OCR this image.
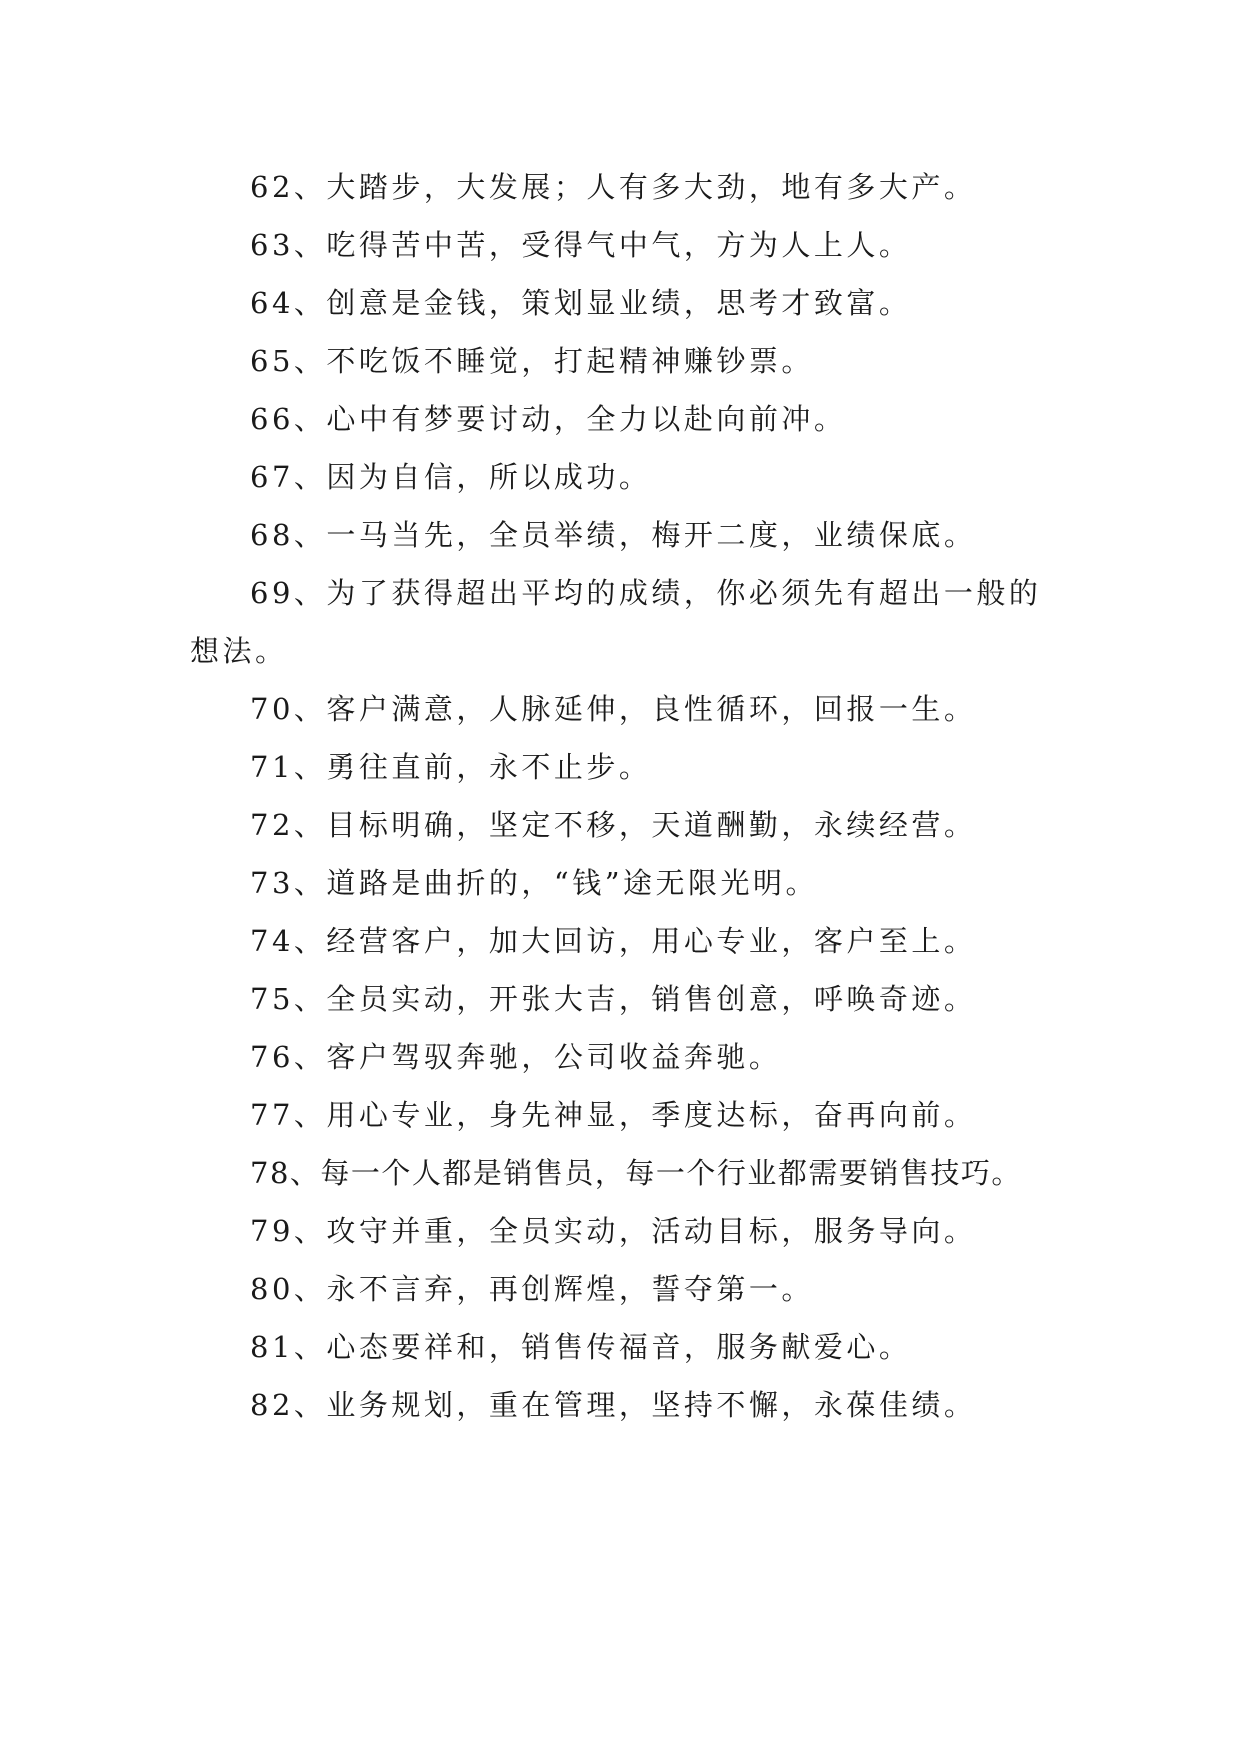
62、大踏步，大发展；人有多大劲，地有多大产。
63、吃得苦中苦，受得气中气，方为人上人。
64、创意是金钱，策划显业绩，思考才致富。
65、不吃饭不睡觉，打起精神赚钞票。
66、心中有梦要讨动，全力以赴向前冲。
67、因为自信，所以成功。
68、一马当先，全员举绩，梅开二度，业绩保底。
69、为了获得超出平均的成绩，你必须先有超出一般的
想法。
70、客户满意，人脉延伸，良性循环，回报一生。
71、勇往直前，永不止步。
72、目标明确，坚定不移，天道酬勤，永续经营。
73、道路是曲折的，“钱”途无限光明。
74、经营客户，加大回访，用心专业，客户至上。
75、全员实动，开张大吉，销售创意，呼唤奇迹。
76、客户驾驭奔驰，公司收益奔驰。
77、用心专业，身先神显，季度达标，奋再向前。
78、每一个人都是销售员，每一个行业都需要销售技巧。
79、攻守并重，全员实动，活动目标，服务导向。
80、永不言弃，再创辉煌，誓夺第一。
81、心态要祥和，销售传福音，服务献爱心。
82、业务规划，重在管理，坚持不懈，永葆佳绩。
